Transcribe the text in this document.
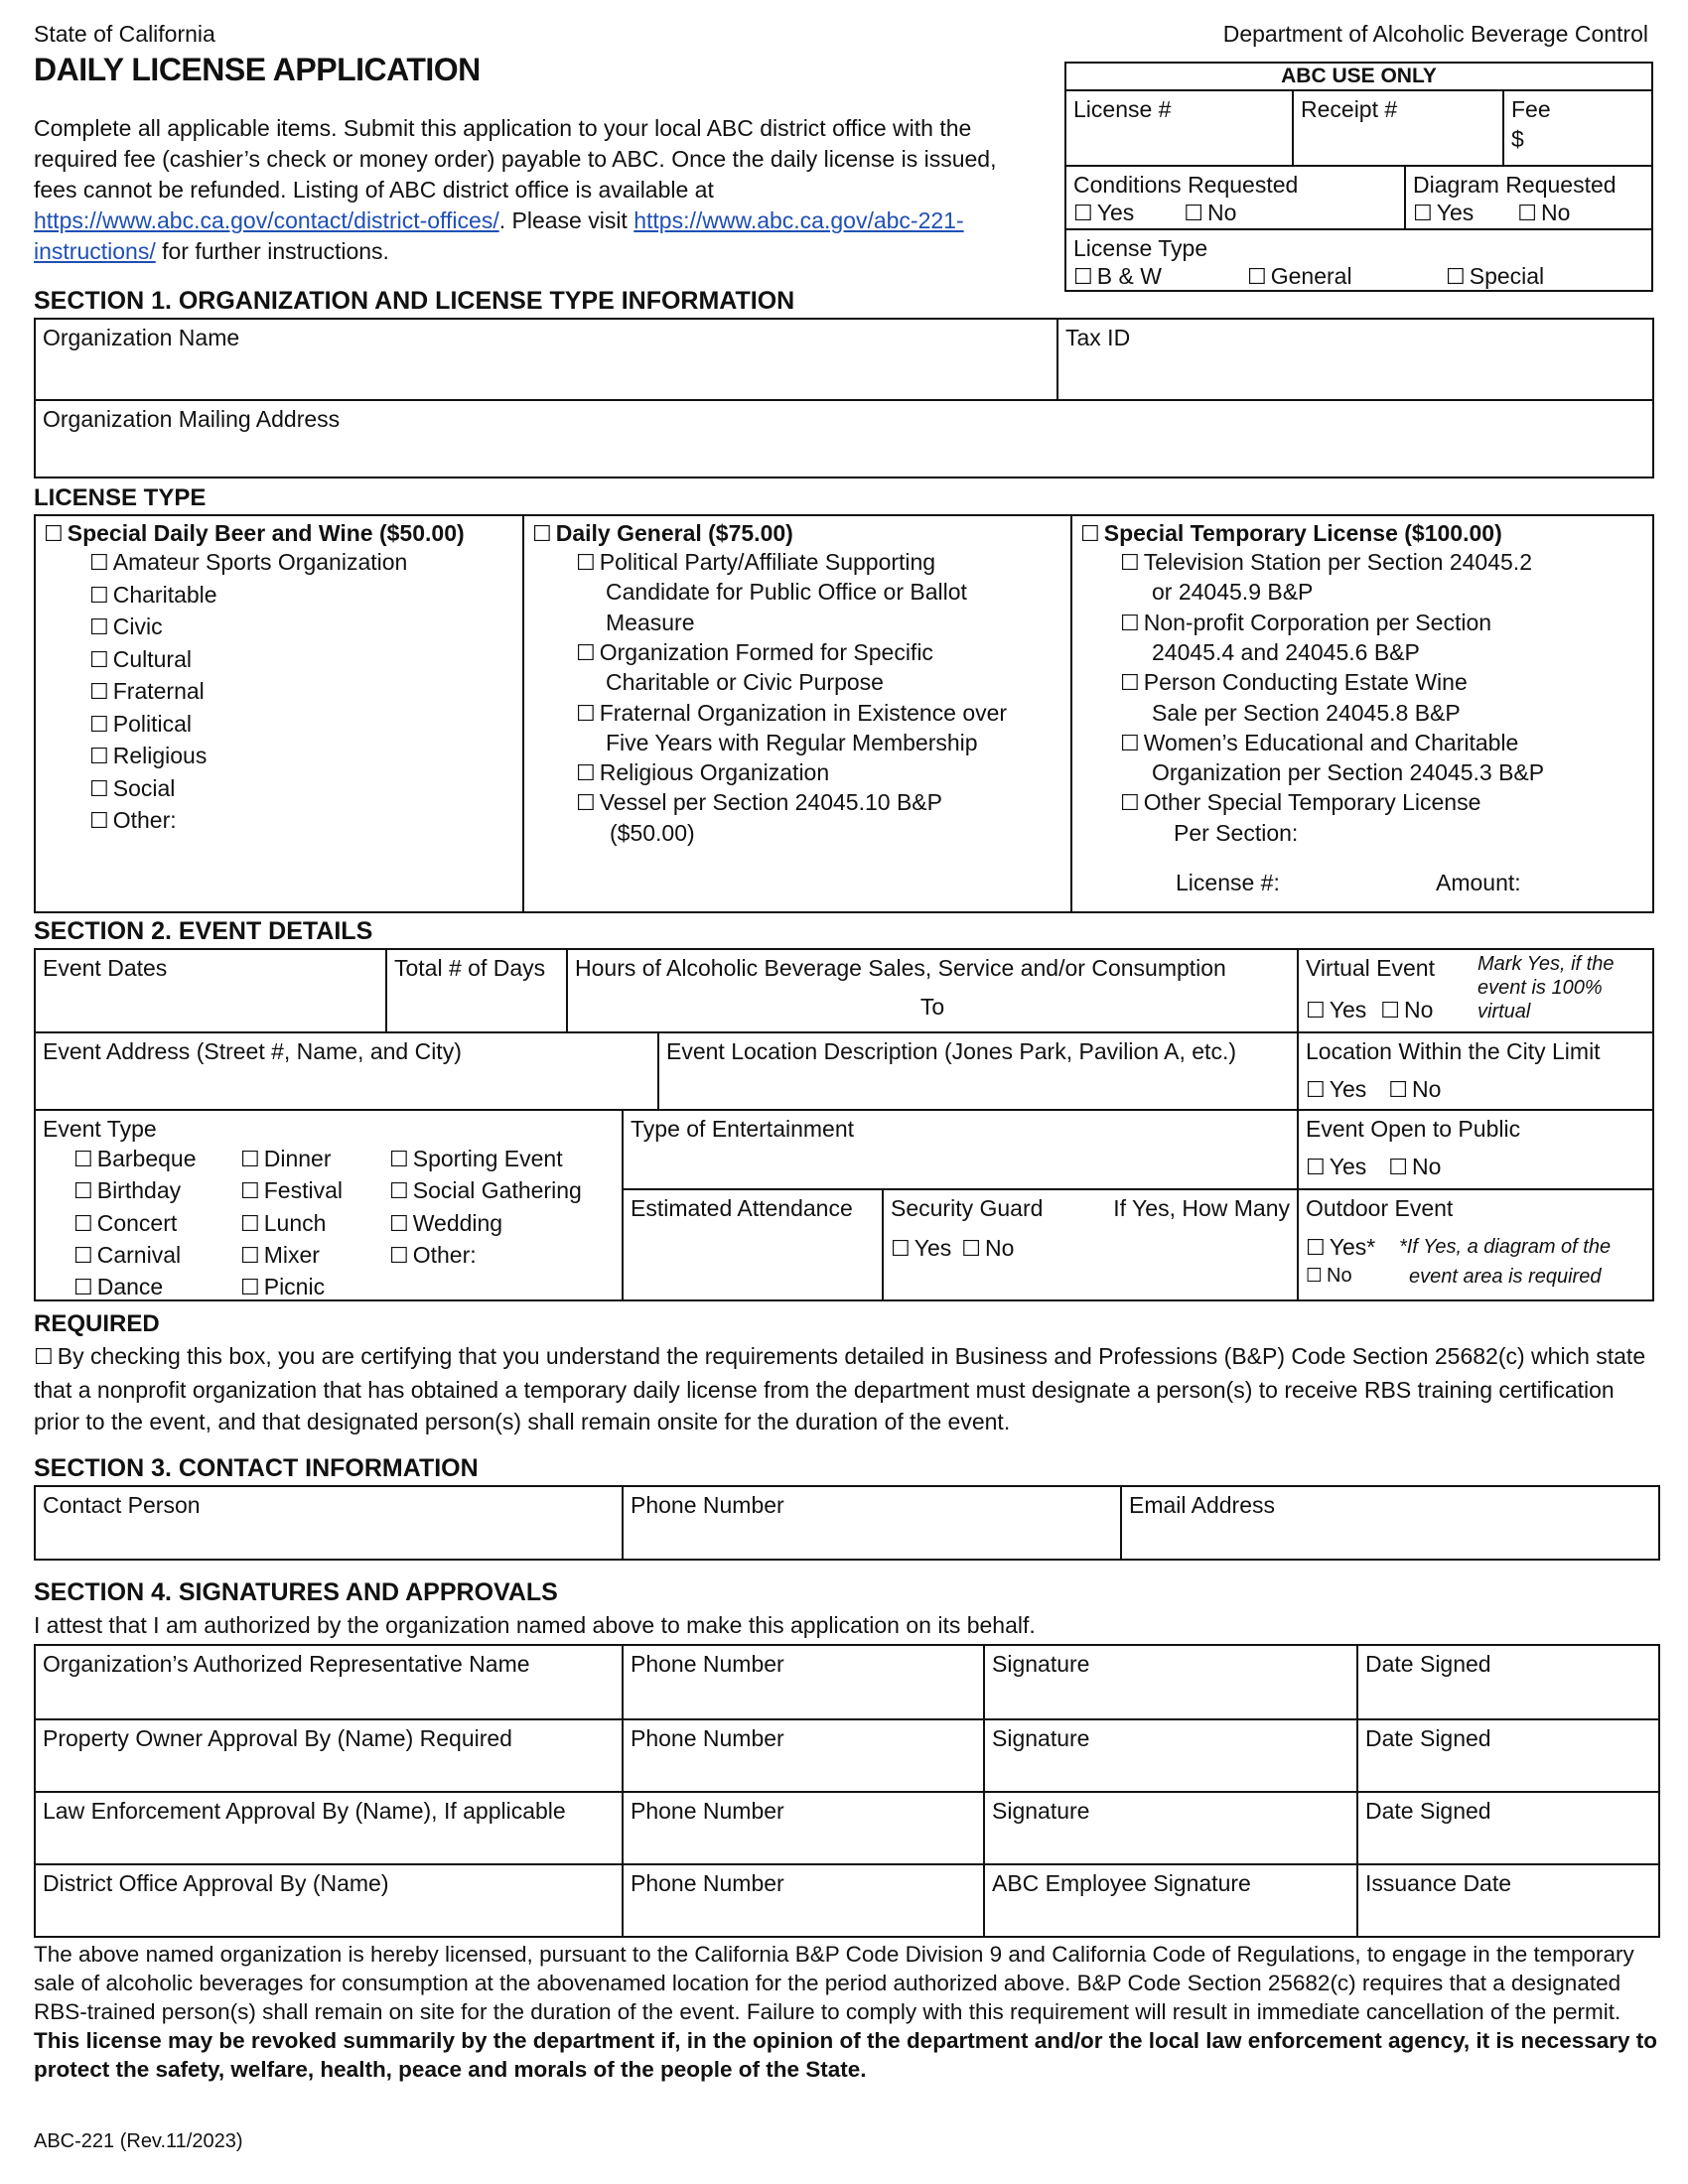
State of California	Department of Alcoholic Beverage Control
DAILY LICENSE APPLICATION
Complete all applicable items. Submit this application to your local ABC district office with the required fee (cashier’s check or money order) payable to ABC. Once the daily license is issued, fees cannot be refunded. Listing of ABC district office is available at https://www.abc.ca.gov/contact/district-offices/. Please visit https://www.abc.ca.gov/abc-221-instructions/ for further instructions.
ABC USE ONLY
License #	Receipt #	Fee
$
Conditions Requested
☐ Yes ☐ No
Diagram Requested
☐ Yes ☐ No
License Type
☐ B & W	☐ General	☐ Special
SECTION 1. ORGANIZATION AND LICENSE TYPE INFORMATION
Organization Name	Tax ID
Organization Mailing Address
LICENSE TYPE
☐ Special Daily Beer and Wine ($50.00)
☐ Amateur Sports Organization
☐ Charitable
☐ Civic
☐ Cultural
☐ Fraternal
☐ Political
☐ Religious
☐ Social
☐ Other:
☐ Daily General ($75.00)
☐ Political Party/Affiliate Supporting
Candidate for Public Office or Ballot
Measure
☐ Organization Formed for Specific
Charitable or Civic Purpose
☐ Fraternal Organization in Existence over
Five Years with Regular Membership
☐ Religious Organization
☐ Vessel per Section 24045.10 B&P
($50.00)
☐ Special Temporary License ($100.00)
☐ Television Station per Section 24045.2
or 24045.9 B&P
☐ Non-profit Corporation per Section
24045.4 and 24045.6 B&P
☐ Person Conducting Estate Wine
Sale per Section 24045.8 B&P
☐ Women’s Educational and Charitable
Organization per Section 24045.3 B&P
☐ Other Special Temporary License
Per Section:
License #:	Amount:
SECTION 2. EVENT DETAILS
Event Dates	Total # of Days	Hours of Alcoholic Beverage Sales, Service and/or Consumption
To
Virtual Event
☐ Yes ☐ No
Mark Yes, if the event is 100% virtual
Event Address (Street #, Name, and City)	Event Location Description (Jones Park, Pavilion A, etc.)	Location Within the City Limit
☐ Yes ☐ No
Event Type
☐ Barbeque
☐ Birthday
☐ Concert
☐ Carnival
☐ Dance
☐ Dinner
☐ Festival
☐ Lunch
☐ Mixer
☐ Picnic
☐ Sporting Event
☐ Social Gathering
☐ Wedding
☐ Other:
Type of Entertainment	Event Open to Public
☐ Yes ☐ No
Estimated Attendance	Security Guard	If Yes, How Many
☐ Yes ☐ No
Outdoor Event
☐ Yes*
☐ No
*If Yes, a diagram of the
event area is required
REQUIRED
☐ By checking this box, you are certifying that you understand the requirements detailed in Business and Professions (B&P) Code Section 25682(c) which state that a nonprofit organization that has obtained a temporary daily license from the department must designate a person(s) to receive RBS training certification prior to the event, and that designated person(s) shall remain onsite for the duration of the event.
SECTION 3. CONTACT INFORMATION
Contact Person	Phone Number	Email Address
SECTION 4. SIGNATURES AND APPROVALS
I attest that I am authorized by the organization named above to make this application on its behalf.
Organization’s Authorized Representative Name	Phone Number	Signature	Date Signed
Property Owner Approval By (Name) Required	Phone Number	Signature	Date Signed
Law Enforcement Approval By (Name), If applicable	Phone Number	Signature	Date Signed
District Office Approval By (Name)	Phone Number	ABC Employee Signature	Issuance Date
The above named organization is hereby licensed, pursuant to the California B&P Code Division 9 and California Code of Regulations, to engage in the temporary sale of alcoholic beverages for consumption at the abovenamed location for the period authorized above. B&P Code Section 25682(c) requires that a designated RBS-trained person(s) shall remain on site for the duration of the event. Failure to comply with this requirement will result in immediate cancellation of the permit. This license may be revoked summarily by the department if, in the opinion of the department and/or the local law enforcement agency, it is necessary to protect the safety, welfare, health, peace and morals of the people of the State.
ABC-221 (Rev.11/2023)
